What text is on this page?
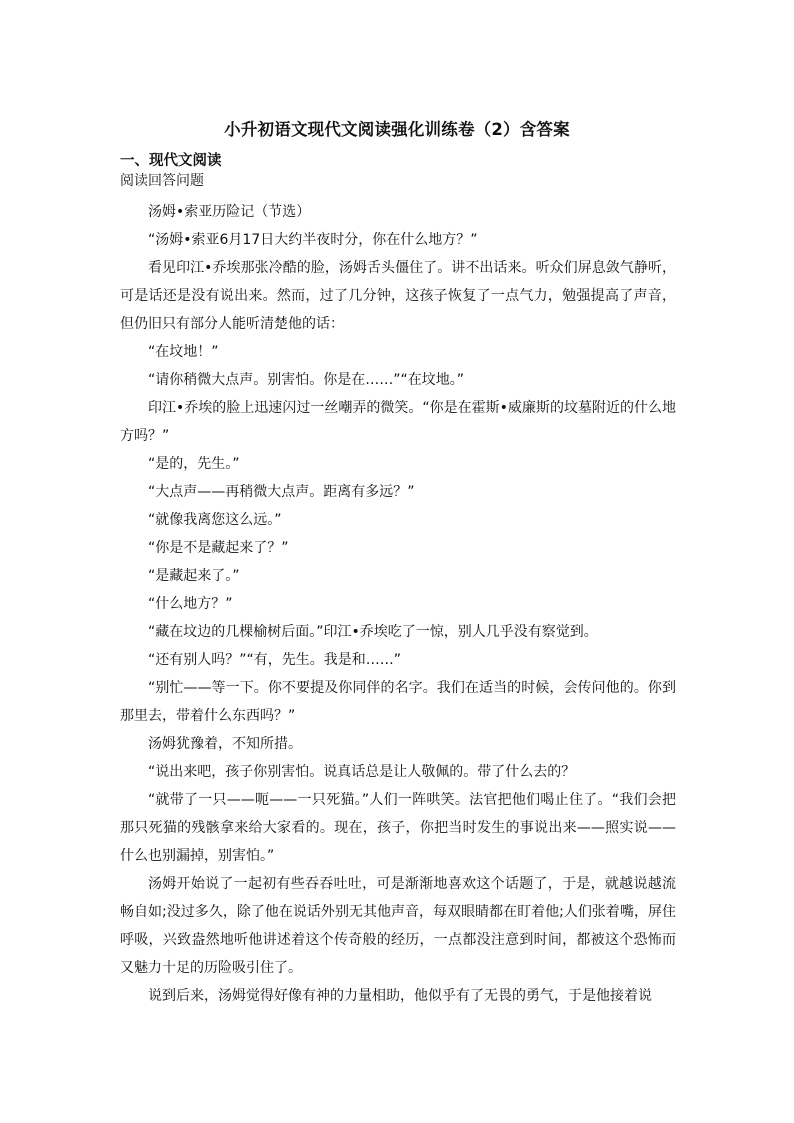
小升初语文现代文阅读强化训练卷（2）含答案
一、现代文阅读

阅读回答问题

汤姆•索亚历险记（节选）

“汤姆•索亚6月17日大约半夜时分，你在什么地方？”

看见印江•乔埃那张冷酷的脸，汤姆舌头僵住了。讲不出话来。听众们屏息敛气静听，可是话还是没有说出来。然而，过了几分钟，这孩子恢复了一点气力，勉强提高了声音，但仍旧只有部分人能听清楚他的话：

“在坟地！”

“请你稍微大点声。别害怕。你是在……”“在坟地。”

印江•乔埃的脸上迅速闪过一丝嘲弄的微笑。“你是在霍斯•威廉斯的坟墓附近的什么地方吗？”

“是的，先生。”

“大点声——再稍微大点声。距离有多远？”

“就像我离您这么远。”

“你是不是藏起来了？”

“是藏起来了。”

“什么地方？”

“藏在坟边的几棵榆树后面。”印江•乔埃吃了一惊，别人几乎没有察觉到。

“还有别人吗？”“有，先生。我是和……”

“别忙——等一下。你不要提及你同伴的名字。我们在适当的时候，会传问他的。你到那里去，带着什么东西吗？”

汤姆犹豫着，不知所措。

“说出来吧，孩子你别害怕。说真话总是让人敬佩的。带了什么去的？

“就带了一只——呃——一只死猫。”人们一阵哄笑。法官把他们喝止住了。“我们会把那只死猫的残骸拿来给大家看的。现在，孩子，你把当时发生的事说出来——照实说——什么也别漏掉，别害怕。”

汤姆开始说了一起初有些吞吞吐吐，可是渐渐地喜欢这个话题了，于是，就越说越流畅自如;没过多久，除了他在说话外别无其他声音，每双眼睛都在盯着他;人们张着嘴，屏住呼吸，兴致盎然地听他讲述着这个传奇般的经历，一点都没注意到时间，都被这个恐怖而又魅力十足的历险吸引住了。

说到后来，汤姆觉得好像有神的力量相助，他似乎有了无畏的勇气，于是他接着说
